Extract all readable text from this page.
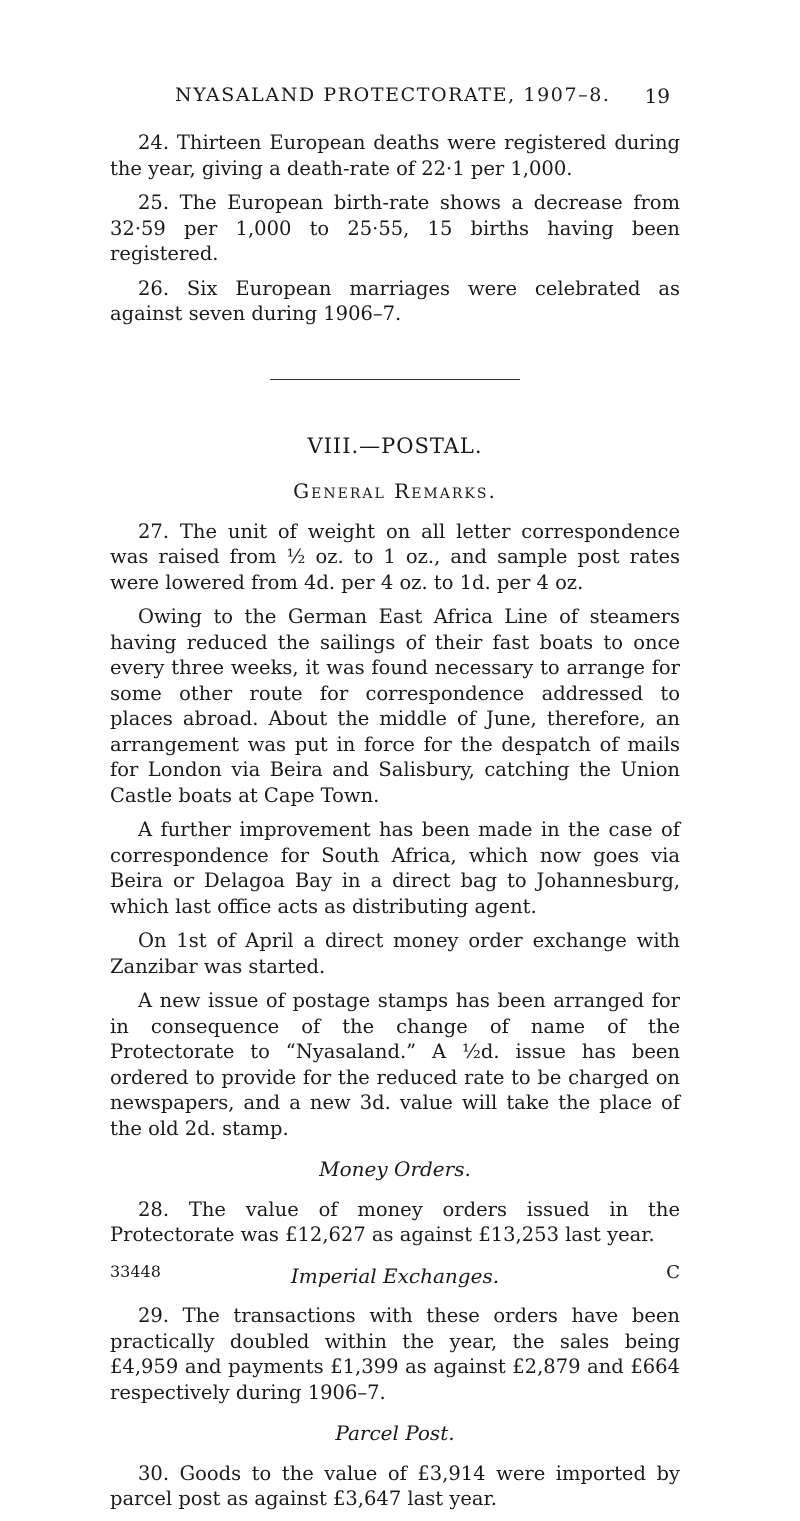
NYASALAND PROTECTORATE, 1907–8. 19

24. Thirteen European deaths were registered during the year, giving a death-rate of 22·1 per 1,000.

25. The European birth-rate shows a decrease from 32·59 per 1,000 to 25·55, 15 births having been registered.

26. Six European marriages were celebrated as against seven during 1906–7.

VIII.—POSTAL.
General Remarks.

27. The unit of weight on all letter correspondence was raised from ½ oz. to 1 oz., and sample post rates were lowered from 4d. per 4 oz. to 1d. per 4 oz.

Owing to the German East Africa Line of steamers having reduced the sailings of their fast boats to once every three weeks, it was found necessary to arrange for some other route for correspondence addressed to places abroad. About the middle of June, therefore, an arrangement was put in force for the despatch of mails for London via Beira and Salisbury, catching the Union Castle boats at Cape Town.

A further improvement has been made in the case of correspondence for South Africa, which now goes via Beira or Delagoa Bay in a direct bag to Johannesburg, which last office acts as distributing agent.

On 1st of April a direct money order exchange with Zanzibar was started.

A new issue of postage stamps has been arranged for in consequence of the change of name of the Protectorate to “Nyasaland.” A ½d. issue has been ordered to provide for the reduced rate to be charged on newspapers, and a new 3d. value will take the place of the old 2d. stamp.

Money Orders.

28. The value of money orders issued in the Protectorate was £12,627 as against £13,253 last year.

Imperial Exchanges.

29. The transactions with these orders have been practically doubled within the year, the sales being £4,959 and payments £1,399 as against £2,879 and £664 respectively during 1906–7.

Parcel Post.

30. Goods to the value of £3,914 were imported by parcel post as against £3,647 last year.

33448	C
